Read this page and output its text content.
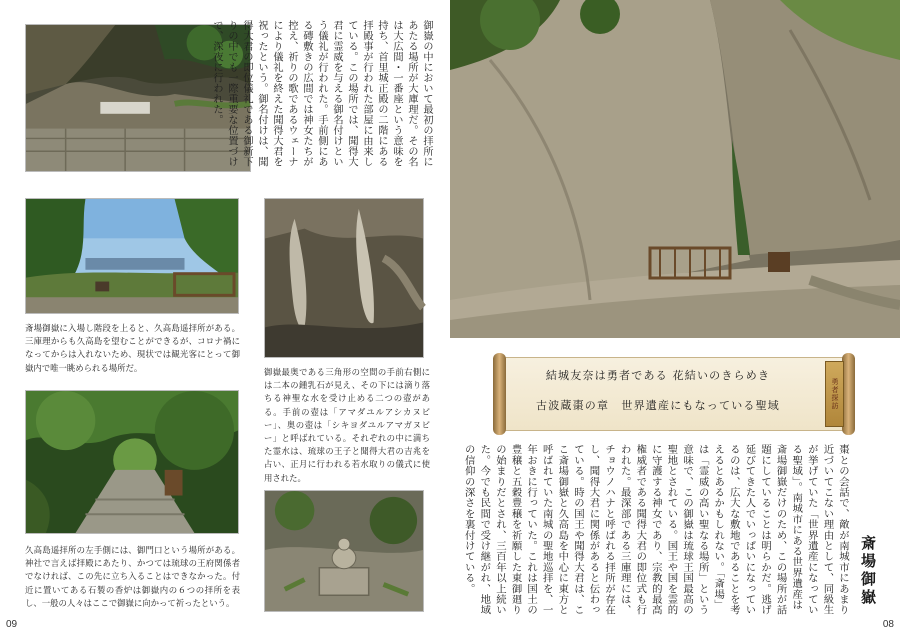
御嶽の中において最初の拝所にあたる場所が大庫理だ。その名は大広間・一番座という意味を持ち、首里城正殿の二階にある拝殿事が行われた部屋に由来している。この場所では、聞得大君に霊威を与える御名付けという儀礼が行われた。手前側にある磚敷きの広間では神女たちが控え、祈りの歌であるウェーナにより儀礼を終えた聞得大君を祝ったという。御名付けは、聞得大君の即位儀礼である御新下りの中でも一際重要な位置づけで、深夜に行われた。
斎場御嶽に入場し階段を上ると、久高島遥拝所がある。三庫理からも久高島を望むことができるが、コロナ禍になってからは入れないため、現状では観光客にとって御嶽内で唯一眺められる場所だ。	御嶽最奥である三角形の空間の手前右側には二本の鍾乳石が見え、その下には滴り落ちる神聖な水を受け止める二つの壺がある。手前の壺は「アマダユルアシカヌビー」、奥の壺は「シキヨダユルアマガヌビー」と呼ばれている。それぞれの中に満ちた霊水は、琉球の王子と聞得大君の吉兆を占い、正月に行われる若水取りの儀式に使用された。
久高島遥拝所の左手側には、御門口という場所がある。神社で言えば拝殿にあたり、かつては琉球の王府関係者でなければ、この先に立ち入ることはできなかった。付近に置いてある石製の香炉は御嶽内の６つの拝所を表し、一般の人々はここで御嶽に向かって祈ったという。
09	08
結城友奈は勇者である 花結いのきらめき
古波蔵棗の章　世界遺産にもなっている聖域	勇者探訪
棗との会話で、敵が南城市にあまり近づいてこない理由として、同級生が挙げていた「世界遺産になっている聖域」。南城市にある世界遺産は斎場御嶽だけのため、この場所が話題にしていることは明らかだ。逃げ延びてきた人でいっぱいになっているのは、広大な敷地であることを考えるとあるかもしれない。「斎場」は「霊威の高い聖なる場所」という意味で、この御嶽は琉球王国最高の聖地とされている。国王や国を霊的に守護する神女であり、宗教的最高権威者である聞得大君の即位式も行われた。最深部である三庫理には、チョウノハナと呼ばれる拝所が存在し、聞得大君に関係があると伝わっている。時の国王や聞得大君は、ここ斎場御嶽と久高島を中心に東方と呼ばれていた南城の聖地巡拝を、一年おきに行っていた。これは国土の豊穣と五穀豊穣を祈願した東御廻りの始まりだとされ、三百年以上続いた。今でも民間で受け継がれ、地域の信仰の深さを裏付けている。	斎場御嶽
